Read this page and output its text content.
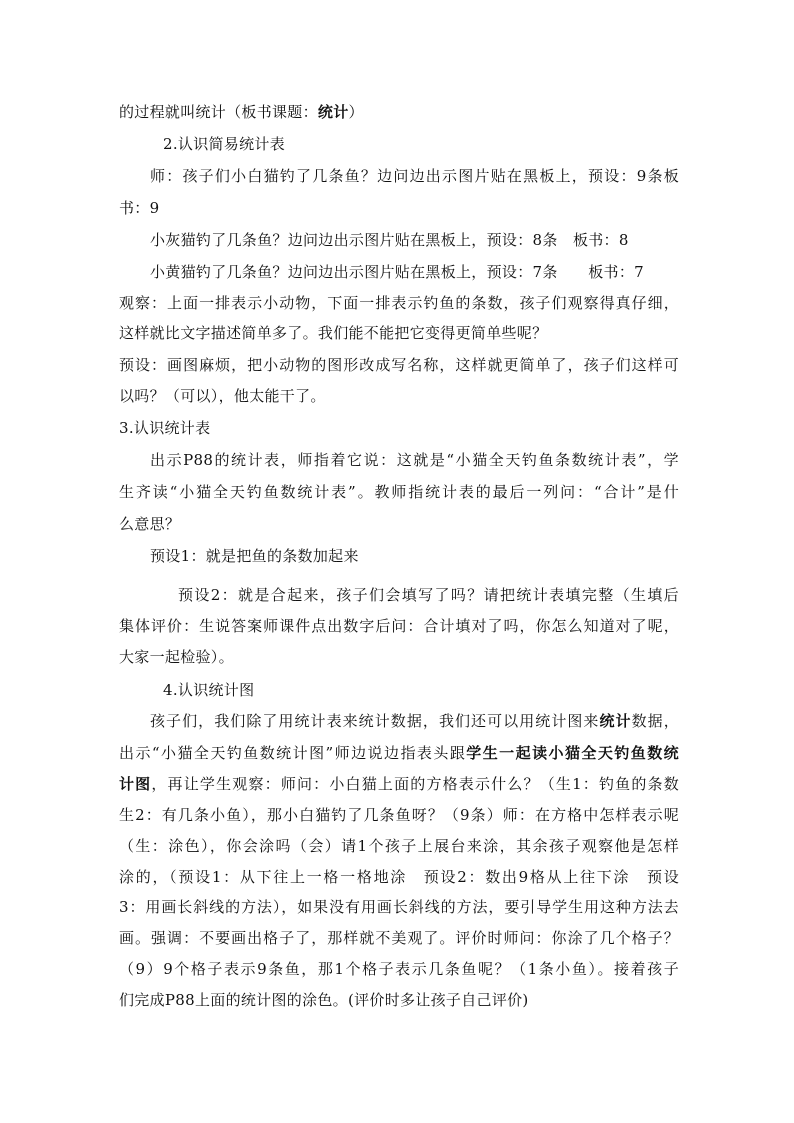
的过程就叫统计（板书课题：统计）
2.认识简易统计表
师：孩子们小白猫钓了几条鱼？边问边出示图片贴在黑板上，预设：9条板
书：9
小灰猫钓了几条鱼？边问边出示图片贴在黑板上，预设：8条　板书：8
小黄猫钓了几条鱼？边问边出示图片贴在黑板上，预设：7条　　板书：7
观察：上面一排表示小动物，下面一排表示钓鱼的条数，孩子们观察得真仔细，
这样就比文字描述简单多了。我们能不能把它变得更简单些呢？
预设：画图麻烦，把小动物的图形改成写名称，这样就更简单了，孩子们这样可
以吗？（可以），他太能干了。
3.认识统计表
出示P88的统计表，师指着它说：这就是“小猫全天钓鱼条数统计表”，学
生齐读“小猫全天钓鱼数统计表”。教师指统计表的最后一列问：“合计”是什
么意思？
预设1：就是把鱼的条数加起来
预设2：就是合起来，孩子们会填写了吗？请把统计表填完整（生填后
集体评价：生说答案师课件点出数字后问：合计填对了吗，你怎么知道对了呢，
大家一起检验）。
4.认识统计图
孩子们，我们除了用统计表来统计数据，我们还可以用统计图来统计数据，
出示“小猫全天钓鱼数统计图”师边说边指表头跟学生一起读小猫全天钓鱼数统
计图，再让学生观察：师问：小白猫上面的方格表示什么？（生1：钓鱼的条数
生2：有几条小鱼），那小白猫钓了几条鱼呀？（9条）师：在方格中怎样表示呢
（生：涂色），你会涂吗（会）请1个孩子上展台来涂，其余孩子观察他是怎样
涂的，（预设1：从下往上一格一格地涂　预设2：数出9格从上往下涂　预设
3：用画长斜线的方法），如果没有用画长斜线的方法，要引导学生用这种方法去
画。强调：不要画出格子了，那样就不美观了。评价时师问：你涂了几个格子？
（9）9个格子表示9条鱼，那1个格子表示几条鱼呢？（1条小鱼）。接着孩子
们完成P88上面的统计图的涂色。(评价时多让孩子自己评价)
